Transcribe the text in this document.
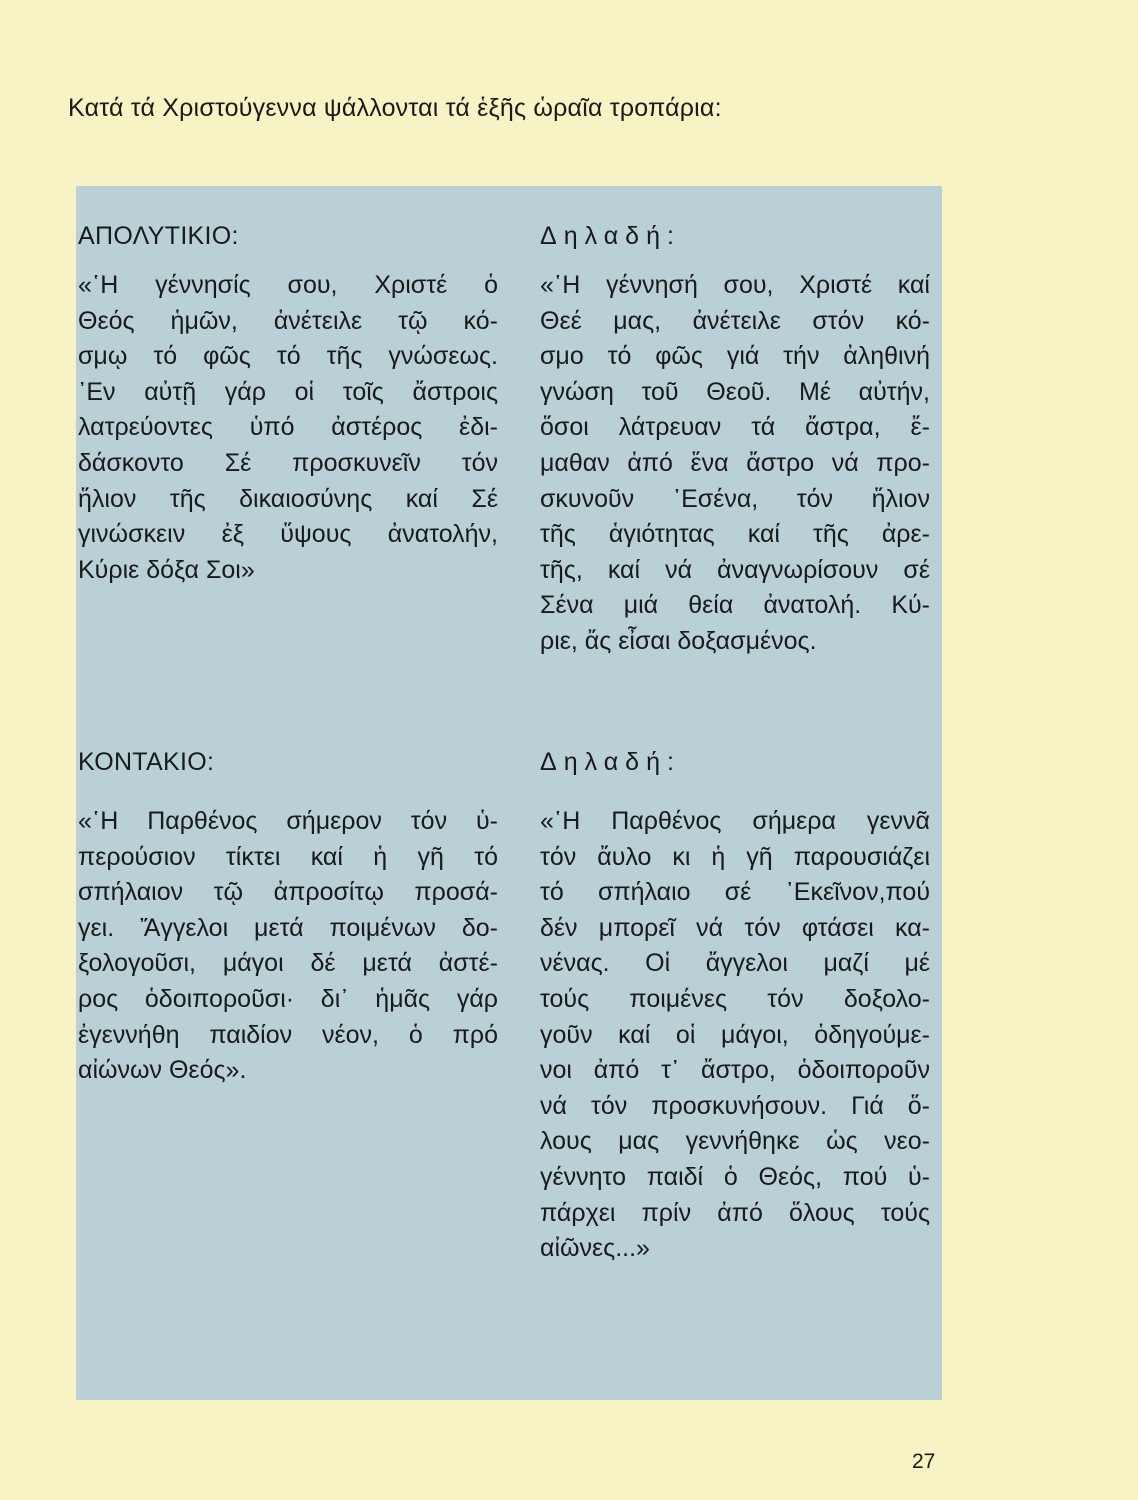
Κατά τά Χριστούγεννα ψάλλονται τά ἑξῆς ὡραῖα τροπάρια:
ΑΠΟΛΥΤΙΚΙΟ:
«῾Η γέννησίς σου, Χριστέ ὁ
Θεός ἡμῶν, ἀνέτειλε τῷ κό-
σμῳ τό φῶς τό τῆς γνώσεως.
᾿Εν αὐτῇ γάρ οἱ τοῖς ἄστροις
λατρεύοντες ὑπό ἀστέρος ἐδι-
δάσκοντο Σέ προσκυνεῖν τόν
ἥλιον τῆς δικαιοσύνης καί Σέ
γινώσκειν ἐξ ὕψους ἀνατολήν,
Κύριε δόξα Σοι»
Δηλαδή:
«῾Η γέννησή σου, Χριστέ καί
Θεέ μας, ἀνέτειλε στόν κό-
σμο τό φῶς γιά τήν ἀληθινή
γνώση τοῦ Θεοῦ. Μέ αὐτήν,
ὅσοι λάτρευαν τά ἄστρα, ἔ-
μαθαν ἀπό ἕνα ἄστρο νά προ-
σκυνοῦν ᾿Εσένα, τόν ἥλιον
τῆς ἁγιότητας καί τῆς ἀρε-
τῆς, καί νά ἀναγνωρίσουν σέ
Σένα μιά θεία ἀνατολή. Κύ-
ριε, ἄς εἶσαι δοξασμένος.
ΚΟΝΤΑΚΙΟ:
«῾Η Παρθένος σήμερον τόν ὑ-
περούσιον τίκτει καί ἡ γῆ τό
σπήλαιον τῷ ἀπροσίτῳ προσά-
γει. Ἄγγελοι μετά ποιμένων δο-
ξολογοῦσι, μάγοι δέ μετά ἀστέ-
ρος ὁδοιποροῦσι· δι᾿ ἡμᾶς γάρ
ἐγεννήθη παιδίον νέον, ὁ πρό
αἰώνων Θεός».
Δηλαδή:
«῾Η Παρθένος σήμερα γεννᾶ
τόν ἄυλο κι ἡ γῆ παρουσιάζει
τό σπήλαιο σέ ᾿Εκεῖνον,πού
δέν μπορεῖ νά τόν φτάσει κα-
νένας. Οἱ ἄγγελοι μαζί μέ
τούς ποιμένες τόν δοξολο-
γοῦν καί οἱ μάγοι, ὁδηγούμε-
νοι ἀπό τ᾿ ἄστρο, ὁδοιποροῦν
νά τόν προσκυνήσουν. Γιά ὅ-
λους μας γεννήθηκε ὡς νεο-
γέννητο παιδί ὁ Θεός, πού ὑ-
πάρχει πρίν ἀπό ὅλους τούς
αἰῶνες...»
27
